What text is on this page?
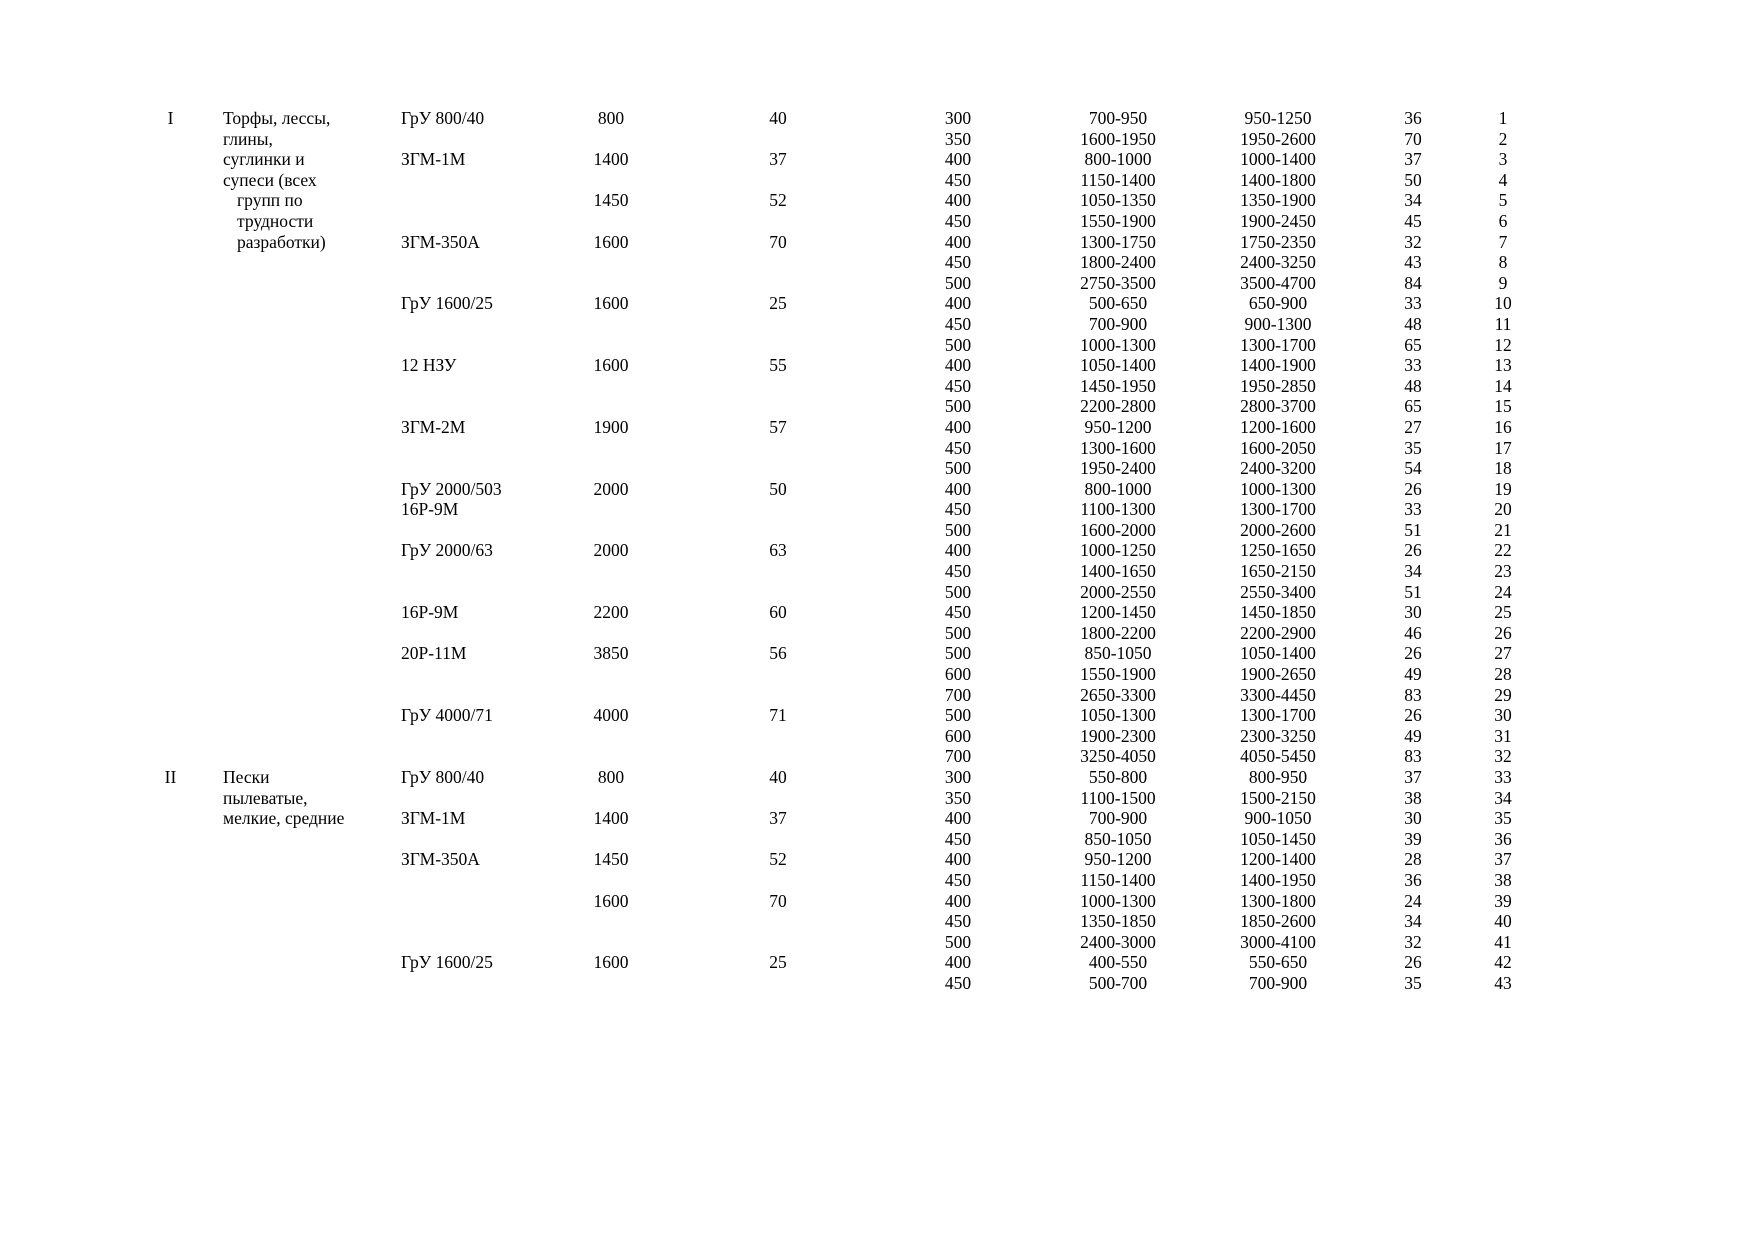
I	Торфы, лессы,	ГрУ 800/40	800	40	300	700-950	950-1250	36	1

	глины,				350	1600-1950	1950-2600	70	2

	суглинки и	ЗГМ-1М	1400	37	400	800-1000	1000-1400	37	3

	супеси (всех				450	1150-1400	1400-1800	50	4

	групп по		1450	52	400	1050-1350	1350-1900	34	5

	трудности				450	1550-1900	1900-2450	45	6

	разработки)	ЗГМ-350А	1600	70	400	1300-1750	1750-2350	32	7

					450	1800-2400	2400-3250	43	8

					500	2750-3500	3500-4700	84	9

		ГрУ 1600/25	1600	25	400	500-650	650-900	33	10

					450	700-900	900-1300	48	11

					500	1000-1300	1300-1700	65	12

		12 НЗУ	1600	55	400	1050-1400	1400-1900	33	13

					450	1450-1950	1950-2850	48	14

					500	2200-2800	2800-3700	65	15

		ЗГМ-2М	1900	57	400	950-1200	1200-1600	27	16

					450	1300-1600	1600-2050	35	17

					500	1950-2400	2400-3200	54	18

		ГрУ 2000/503	2000	50	400	800-1000	1000-1300	26	19

		16Р-9М			450	1100-1300	1300-1700	33	20

					500	1600-2000	2000-2600	51	21

		ГрУ 2000/63	2000	63	400	1000-1250	1250-1650	26	22

					450	1400-1650	1650-2150	34	23

					500	2000-2550	2550-3400	51	24

		16Р-9М	2200	60	450	1200-1450	1450-1850	30	25

					500	1800-2200	2200-2900	46	26

		20Р-11М	3850	56	500	850-1050	1050-1400	26	27

					600	1550-1900	1900-2650	49	28

					700	2650-3300	3300-4450	83	29

		ГрУ 4000/71	4000	71	500	1050-1300	1300-1700	26	30

					600	1900-2300	2300-3250	49	31

					700	3250-4050	4050-5450	83	32

II	Пески	ГрУ 800/40	800	40	300	550-800	800-950	37	33

	пылеватые,				350	1100-1500	1500-2150	38	34

	мелкие, средние	ЗГМ-1М	1400	37	400	700-900	900-1050	30	35

					450	850-1050	1050-1450	39	36

		ЗГМ-350А	1450	52	400	950-1200	1200-1400	28	37

					450	1150-1400	1400-1950	36	38

			1600	70	400	1000-1300	1300-1800	24	39

					450	1350-1850	1850-2600	34	40

					500	2400-3000	3000-4100	32	41

		ГрУ 1600/25	1600	25	400	400-550	550-650	26	42

					450	500-700	700-900	35	43
